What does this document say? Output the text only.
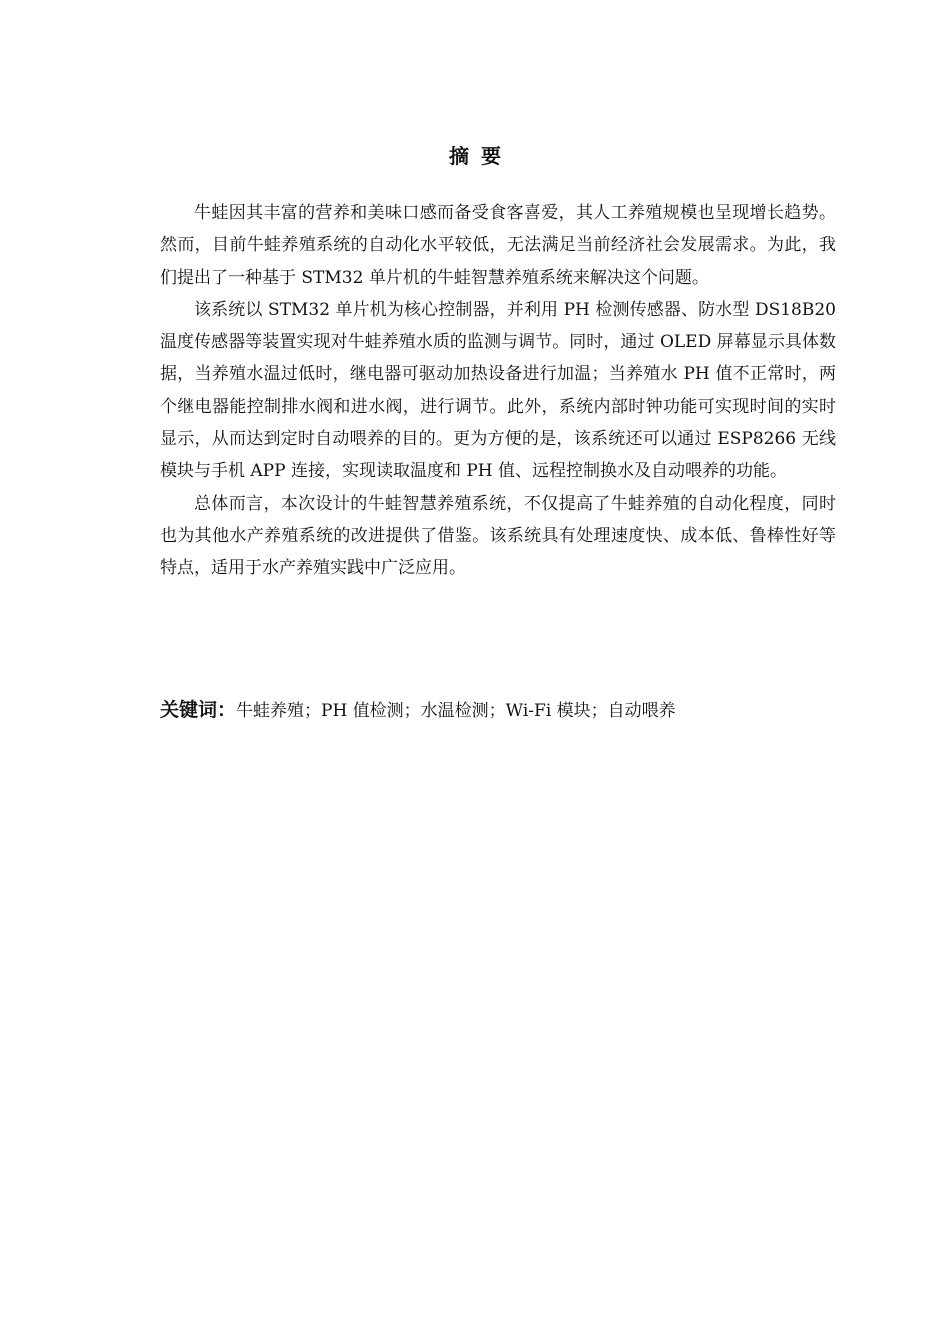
摘要

牛蛙因其丰富的营养和美味口感而备受食客喜爱，其人工养殖规模也呈现增长趋势。然而，目前牛蛙养殖系统的自动化水平较低，无法满足当前经济社会发展需求。为此，我们提出了一种基于 STM32 单片机的牛蛙智慧养殖系统来解决这个问题。

该系统以 STM32 单片机为核心控制器，并利用 PH 检测传感器、防水型 DS18B20 温度传感器等装置实现对牛蛙养殖水质的监测与调节。同时，通过 OLED 屏幕显示具体数据，当养殖水温过低时，继电器可驱动加热设备进行加温；当养殖水 PH 值不正常时，两个继电器能控制排水阀和进水阀，进行调节。此外，系统内部时钟功能可实现时间的实时显示，从而达到定时自动喂养的目的。更为方便的是，该系统还可以通过 ESP8266 无线模块与手机 APP 连接，实现读取温度和 PH 值、远程控制换水及自动喂养的功能。

总体而言，本次设计的牛蛙智慧养殖系统，不仅提高了牛蛙养殖的自动化程度，同时也为其他水产养殖系统的改进提供了借鉴。该系统具有处理速度快、成本低、鲁棒性好等特点，适用于水产养殖实践中广泛应用。

关键词：牛蛙养殖；PH 值检测；水温检测；Wi-Fi 模块；自动喂养
